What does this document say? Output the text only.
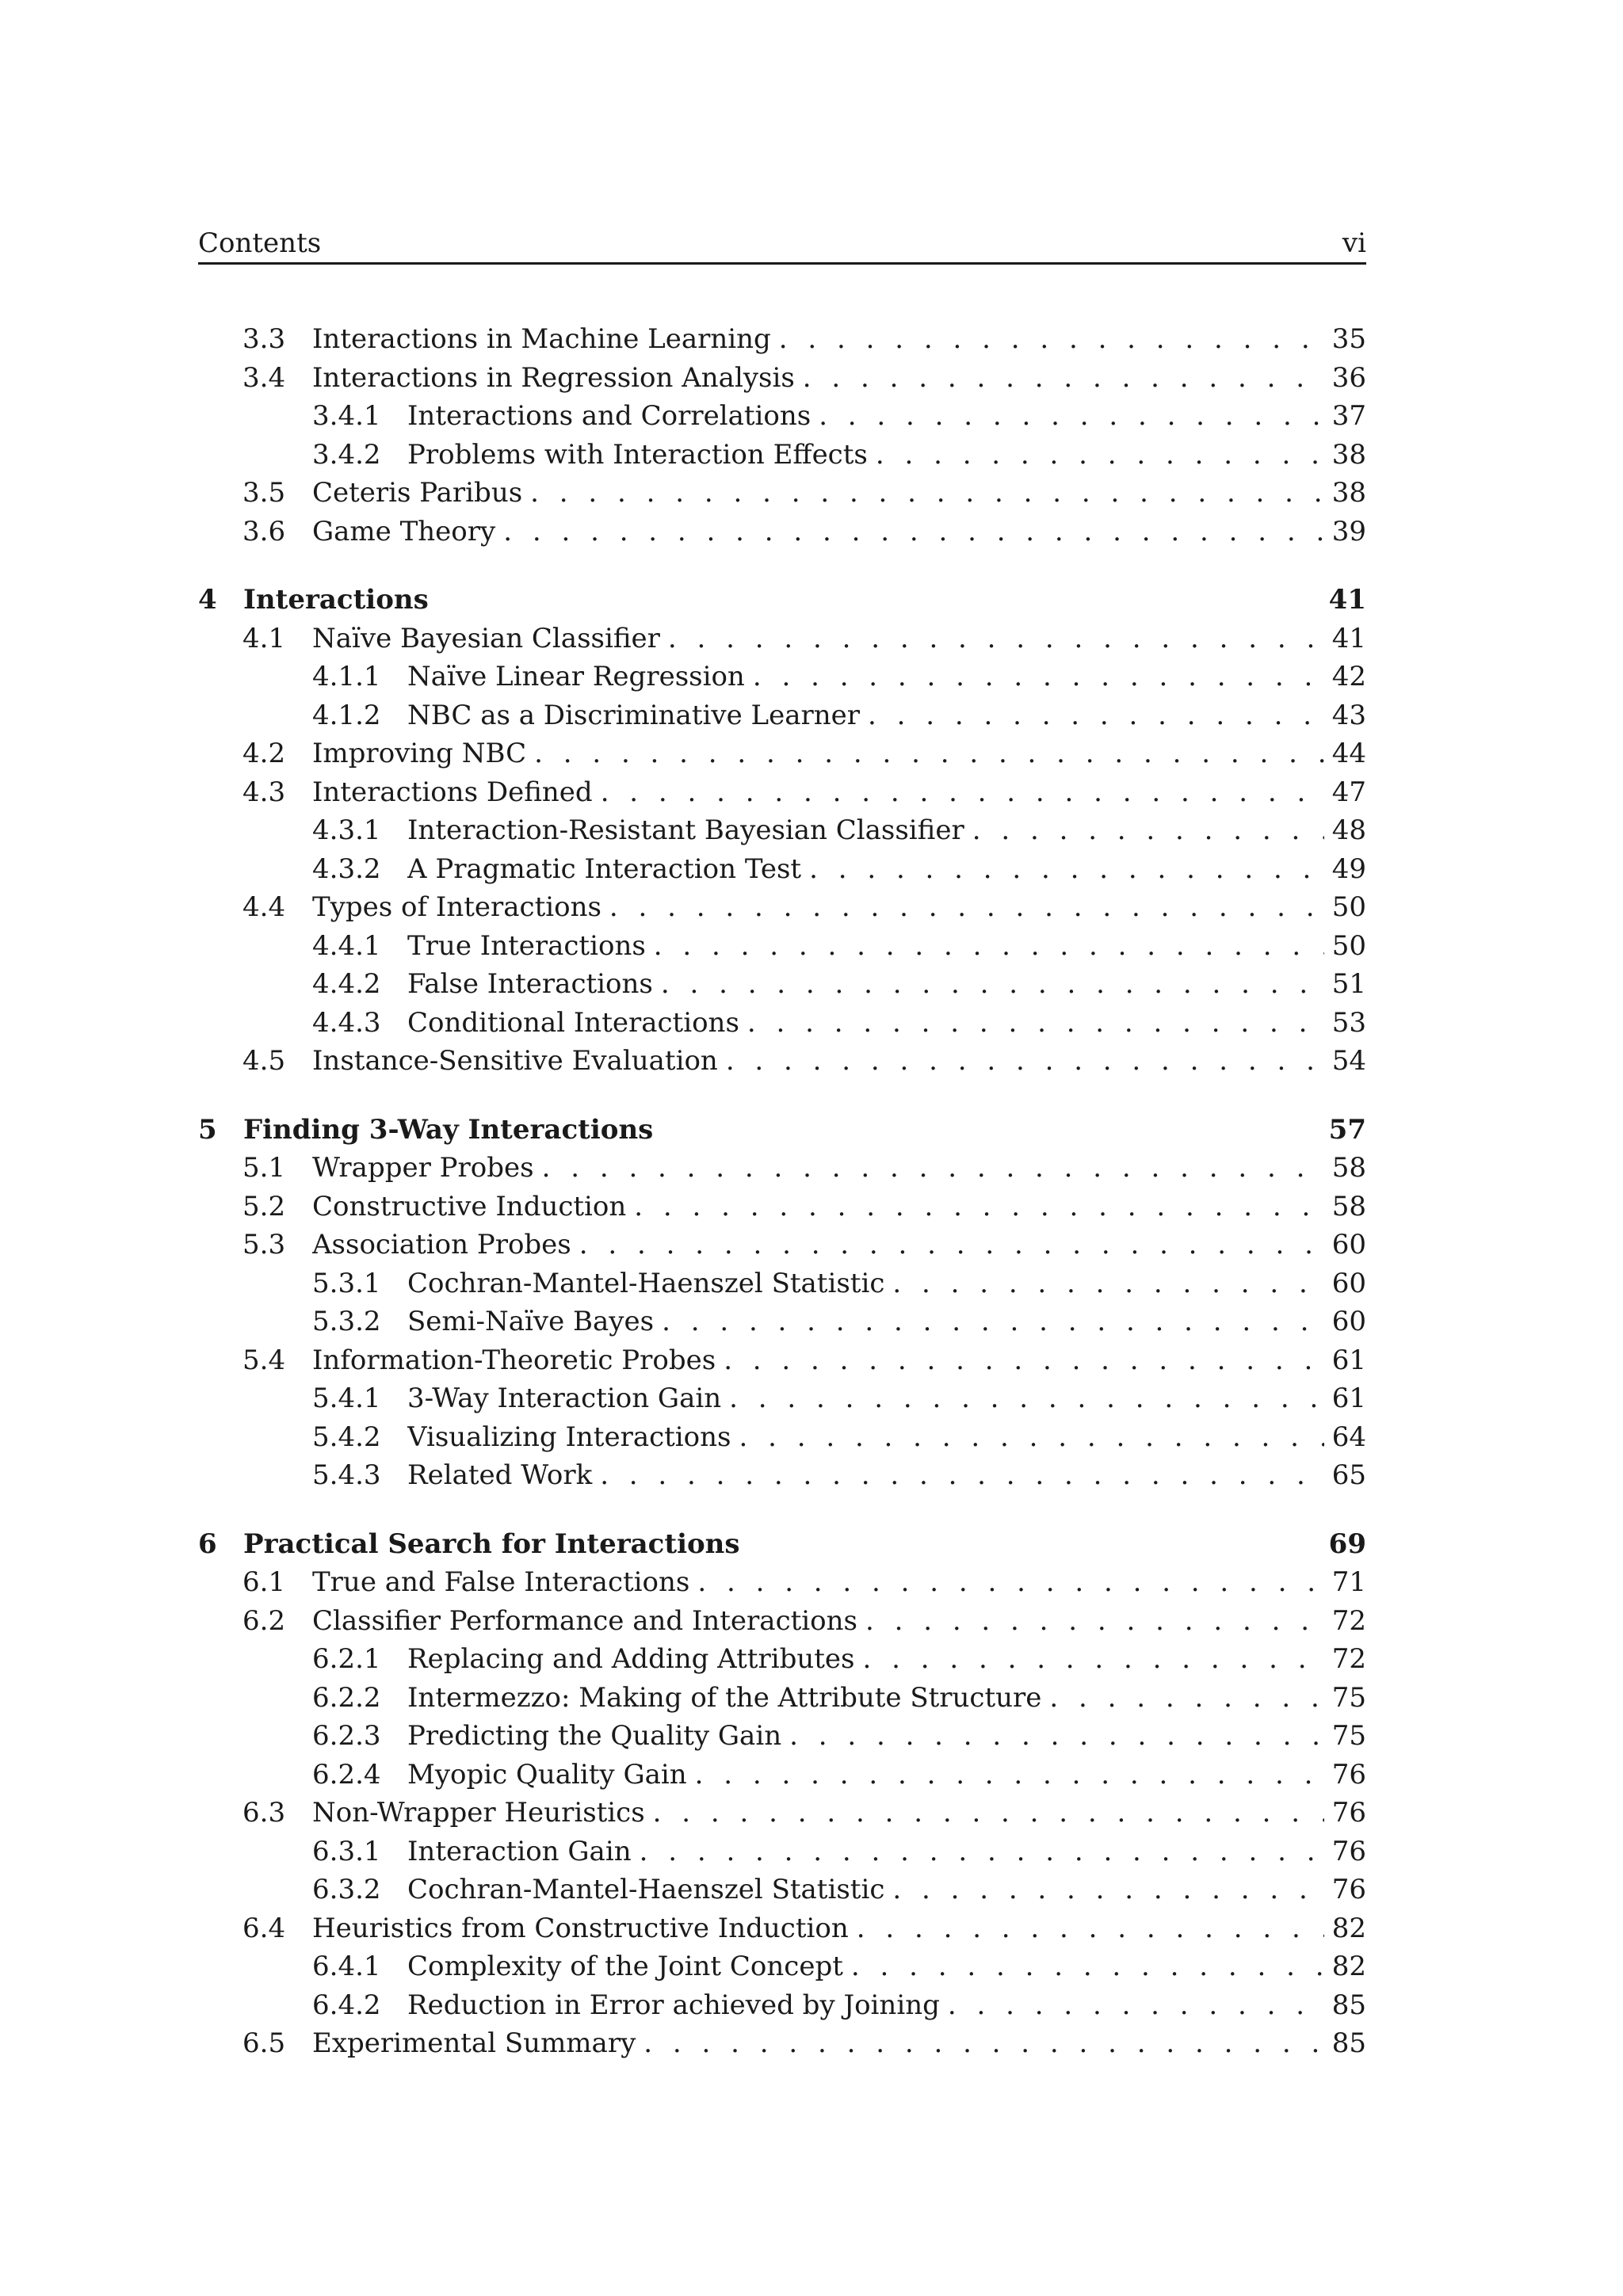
Contents	vi
3.3 Interactions in Machine Learning . . .	35
3.4 Interactions in Regression Analysis . . .	36
3.4.1 Interactions and Correlations . . .	37
3.4.2 Problems with Interaction Effects . . .	38
3.5 Ceteris Paribus . . .	38
3.6 Game Theory . . .	39
4 Interactions	41
4.1 Naïve Bayesian Classifier . . .	41
4.1.1 Naïve Linear Regression . . .	42
4.1.2 NBC as a Discriminative Learner . . .	43
4.2 Improving NBC . . .	44
4.3 Interactions Defined . . .	47
4.3.1 Interaction-Resistant Bayesian Classifier . . .	48
4.3.2 A Pragmatic Interaction Test . . .	49
4.4 Types of Interactions . . .	50
4.4.1 True Interactions . . .	50
4.4.2 False Interactions . . .	51
4.4.3 Conditional Interactions . . .	53
4.5 Instance-Sensitive Evaluation . . .	54
5 Finding 3-Way Interactions	57
5.1 Wrapper Probes . . .	58
5.2 Constructive Induction . . .	58
5.3 Association Probes . . .	60
5.3.1 Cochran-Mantel-Haenszel Statistic . . .	60
5.3.2 Semi-Naïve Bayes . . .	60
5.4 Information-Theoretic Probes . . .	61
5.4.1 3-Way Interaction Gain . . .	61
5.4.2 Visualizing Interactions . . .	64
5.4.3 Related Work . . .	65
6 Practical Search for Interactions	69
6.1 True and False Interactions . . .	71
6.2 Classifier Performance and Interactions . . .	72
6.2.1 Replacing and Adding Attributes . . .	72
6.2.2 Intermezzo: Making of the Attribute Structure . . .	75
6.2.3 Predicting the Quality Gain . . .	75
6.2.4 Myopic Quality Gain . . .	76
6.3 Non-Wrapper Heuristics . . .	76
6.3.1 Interaction Gain . . .	76
6.3.2 Cochran-Mantel-Haenszel Statistic . . .	76
6.4 Heuristics from Constructive Induction . . .	82
6.4.1 Complexity of the Joint Concept . . .	82
6.4.2 Reduction in Error achieved by Joining . . .	85
6.5 Experimental Summary . . .	85
